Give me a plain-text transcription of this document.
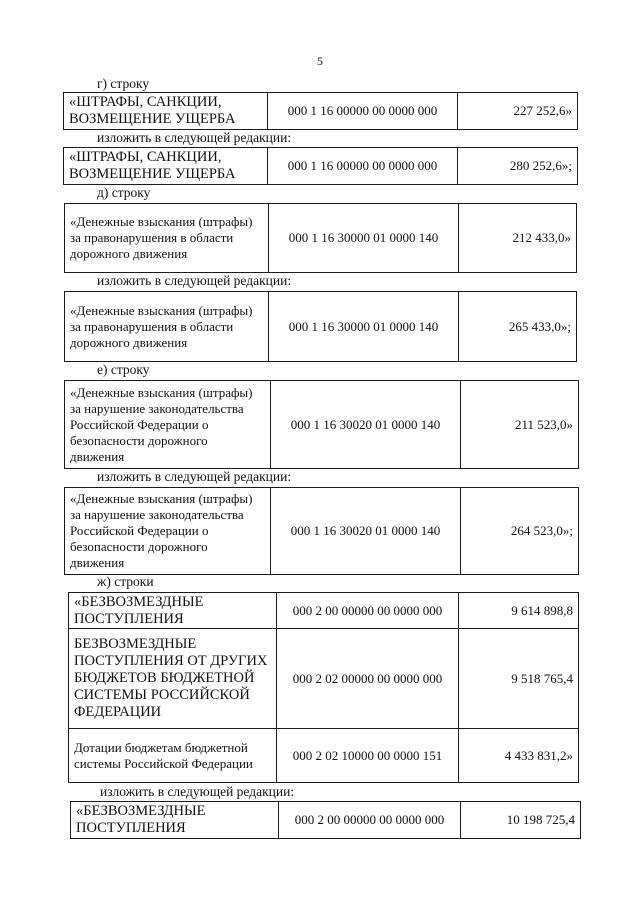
5
г) строку
«ШТРАФЫ, САНКЦИИ, ВОЗМЕЩЕНИЕ УЩЕРБА	000 1 16 00000 00 0000 000	227 252,6»
изложить в следующей редакции:
«ШТРАФЫ, САНКЦИИ, ВОЗМЕЩЕНИЕ УЩЕРБА	000 1 16 00000 00 0000 000	280 252,6»;
д) строку
«Денежные взыскания (штрафы) за правонарушения в области дорожного движения	000 1 16 30000 01 0000 140	212 433,0»
изложить в следующей редакции:
«Денежные взыскания (штрафы) за правонарушения в области дорожного движения	000 1 16 30000 01 0000 140	265 433,0»;
е) строку
«Денежные взыскания (штрафы) за нарушение законодательства Российской Федерации о безопасности дорожного движения	000 1 16 30020 01 0000 140	211 523,0»
изложить в следующей редакции:
«Денежные взыскания (штрафы) за нарушение законодательства Российской Федерации о безопасности дорожного движения	000 1 16 30020 01 0000 140	264 523,0»;
ж) строки
«БЕЗВОЗМЕЗДНЫЕ ПОСТУПЛЕНИЯ	000 2 00 00000 00 0000 000	9 614 898,8
БЕЗВОЗМЕЗДНЫЕ ПОСТУПЛЕНИЯ ОТ ДРУГИХ БЮДЖЕТОВ БЮДЖЕТНОЙ СИСТЕМЫ РОССИЙСКОЙ ФЕДЕРАЦИИ	000 2 02 00000 00 0000 000	9 518 765,4
Дотации бюджетам бюджетной системы Российской Федерации	000 2 02 10000 00 0000 151	4 433 831,2»
изложить в следующей редакции:
«БЕЗВОЗМЕЗДНЫЕ ПОСТУПЛЕНИЯ	000 2 00 00000 00 0000 000	10 198 725,4
